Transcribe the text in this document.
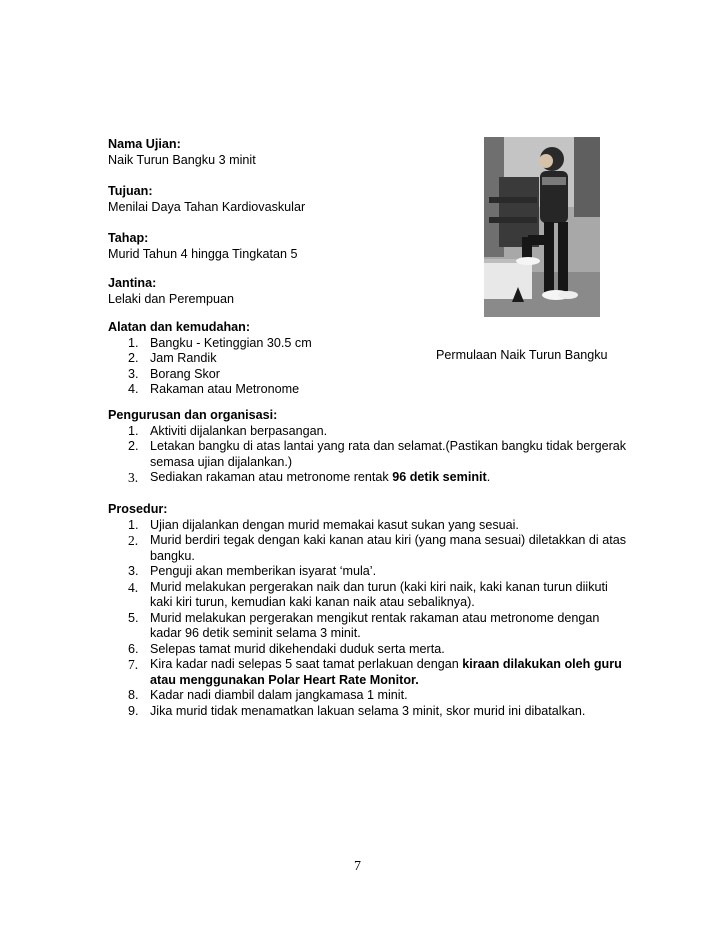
Nama Ujian:
Naik Turun Bangku 3 minit
Tujuan:
Menilai Daya Tahan Kardiovaskular
Tahap:
Murid Tahun 4 hingga Tingkatan 5
Jantina:
Lelaki dan Perempuan
Alatan dan kemudahan:
1. Bangku - Ketinggian 30.5 cm
2. Jam Randik
3. Borang Skor
4. Rakaman atau Metronome
Permulaan Naik Turun Bangku
Pengurusan dan organisasi:
1. Aktiviti dijalankan berpasangan.
2. Letakan bangku di atas lantai yang rata dan selamat.(Pastikan bangku tidak bergerak semasa ujian dijalankan.)
3. Sediakan rakaman atau metronome rentak 96 detik seminit.
Prosedur:
1. Ujian dijalankan dengan murid memakai kasut sukan yang sesuai.
2. Murid berdiri tegak dengan kaki kanan atau kiri (yang mana sesuai) diletakkan di atas bangku.
3. Penguji akan memberikan isyarat ‘mula’.
4. Murid melakukan pergerakan naik dan turun (kaki kiri naik, kaki kanan turun diikuti kaki kiri turun, kemudian kaki kanan naik atau sebaliknya).
5. Murid melakukan pergerakan mengikut rentak rakaman atau metronome dengan kadar 96 detik seminit selama 3 minit.
6. Selepas tamat murid dikehendaki duduk serta merta.
7. Kira kadar nadi selepas 5 saat tamat perlakuan dengan kiraan dilakukan oleh guru atau menggunakan Polar Heart Rate Monitor.
8. Kadar nadi diambil dalam jangkamasa 1 minit.
9. Jika murid tidak menamatkan lakuan selama 3 minit, skor murid ini dibatalkan.
7
